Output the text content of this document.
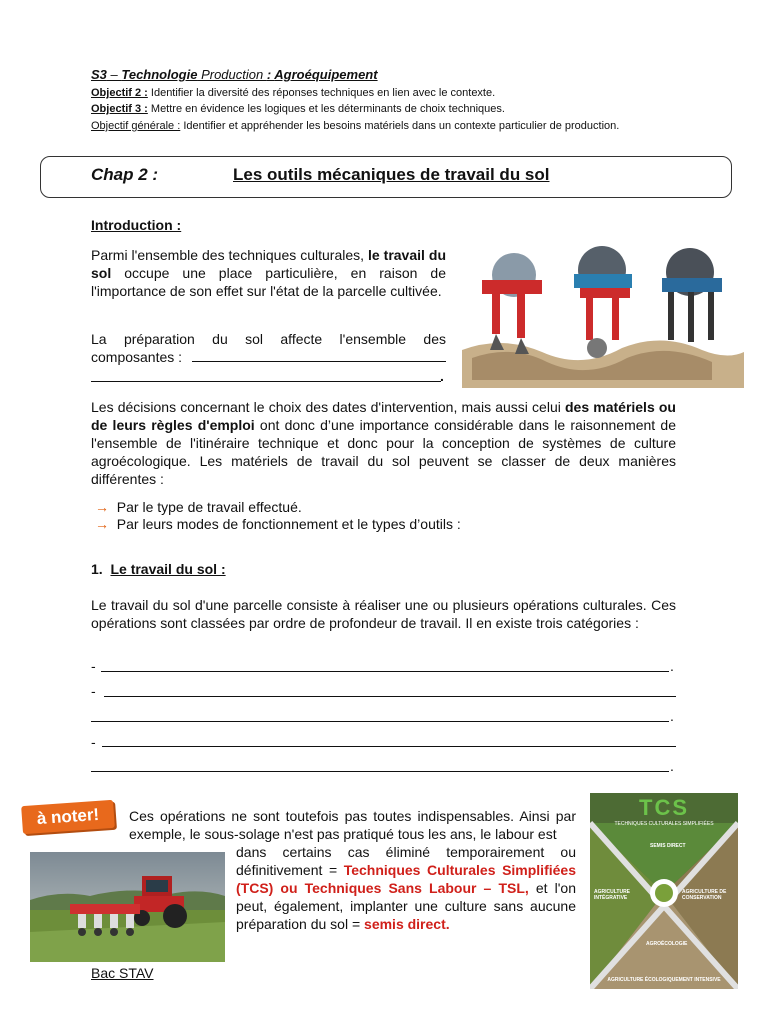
S3 – Technologie Production : Agroéquipement
Objectif 2 : Identifier la diversité des réponses techniques en lien avec le contexte.
Objectif 3 : Mettre en évidence les logiques et les déterminants de choix techniques.
Objectif générale : Identifier et appréhender les besoins matériels dans un contexte particulier de production.
Chap 2 :	Les outils mécaniques de travail du sol
Introduction :
Parmi l'ensemble des techniques culturales, le travail du sol occupe une place particulière, en raison de l'importance de son effet sur l'état de la parcelle cultivée.
La préparation du sol affecte l'ensemble des composantes :
.
Les décisions concernant le choix des dates d'intervention, mais aussi celui des matériels ou de leurs règles d'emploi ont donc d’une importance considérable dans le raisonnement de l'ensemble de l'itinéraire technique et donc pour la conception de systèmes de culture agroécologique. Les matériels de travail du sol peuvent se classer de deux manières différentes :
→ Par le type de travail effectué.
→ Par leurs modes de fonctionnement et le types d’outils :
1. Le travail du sol :
Le travail du sol d'une parcelle consiste à réaliser une ou plusieurs opérations culturales. Ces opérations sont classées par ordre de profondeur de travail. Il en existe trois catégories :
-	.
-
.
-
.
à noter!	Ces opérations ne sont toutefois pas toutes indispensables. Ainsi par exemple, le sous-solage n'est pas pratiqué tous les ans, le labour est
dans certains cas éliminé temporairement ou définitivement = Techniques Culturales Simplifiées (TCS) ou Techniques Sans Labour – TSL, et l'on peut, également, implanter une culture sans aucune préparation du sol = semis direct.
Bac STAV
TCS
TECHNIQUES CULTURALES SIMPLIFIÉES
SEMIS DIRECT
AGRICULTURE INTÉGRATIVE
AGRICULTURE DE CONSERVATION
AGROÉCOLOGIE
AGRICULTURE ÉCOLOGIQUEMENT INTENSIVE
